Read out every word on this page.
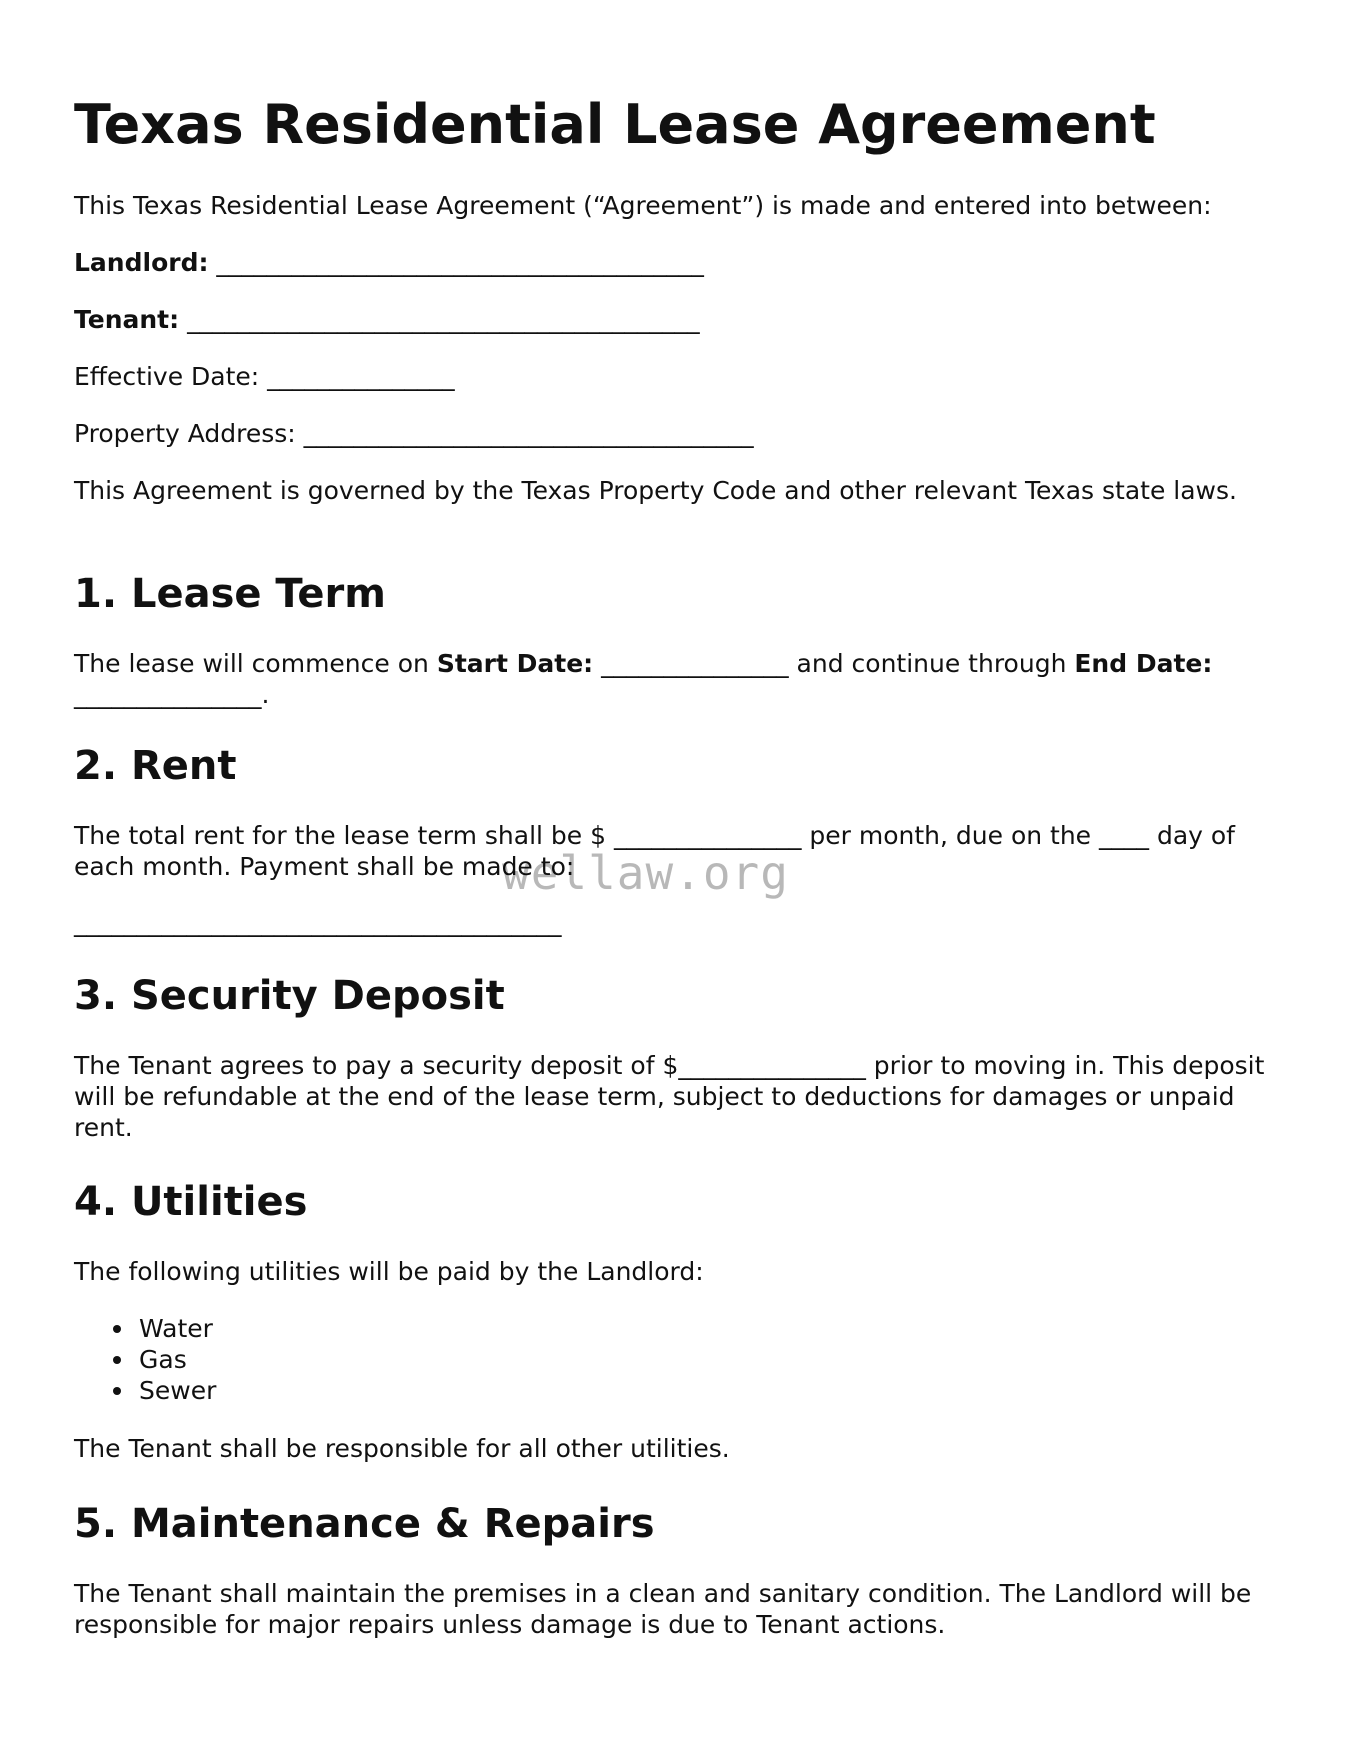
Texas Residential Lease Agreement

This Texas Residential Lease Agreement (“Agreement”) is made and entered into between:

Landlord: _______________________________________

Tenant: _________________________________________

Effective Date: _______________

Property Address: ____________________________________

This Agreement is governed by the Texas Property Code and other relevant Texas state laws.

1. Lease Term

The lease will commence on Start Date: _______________ and continue through End Date: _______________.

2. Rent

The total rent for the lease term shall be $ _______________ per month, due on the ____ day of each month. Payment shall be made to:

_______________________________________

3. Security Deposit

The Tenant agrees to pay a security deposit of $_______________ prior to moving in. This deposit will be refundable at the end of the lease term, subject to deductions for damages or unpaid rent.

4. Utilities

The following utilities will be paid by the Landlord:

Water
Gas
Sewer

The Tenant shall be responsible for all other utilities.

5. Maintenance & Repairs

The Tenant shall maintain the premises in a clean and sanitary condition. The Landlord will be responsible for major repairs unless damage is due to Tenant actions.

wellaw.org
